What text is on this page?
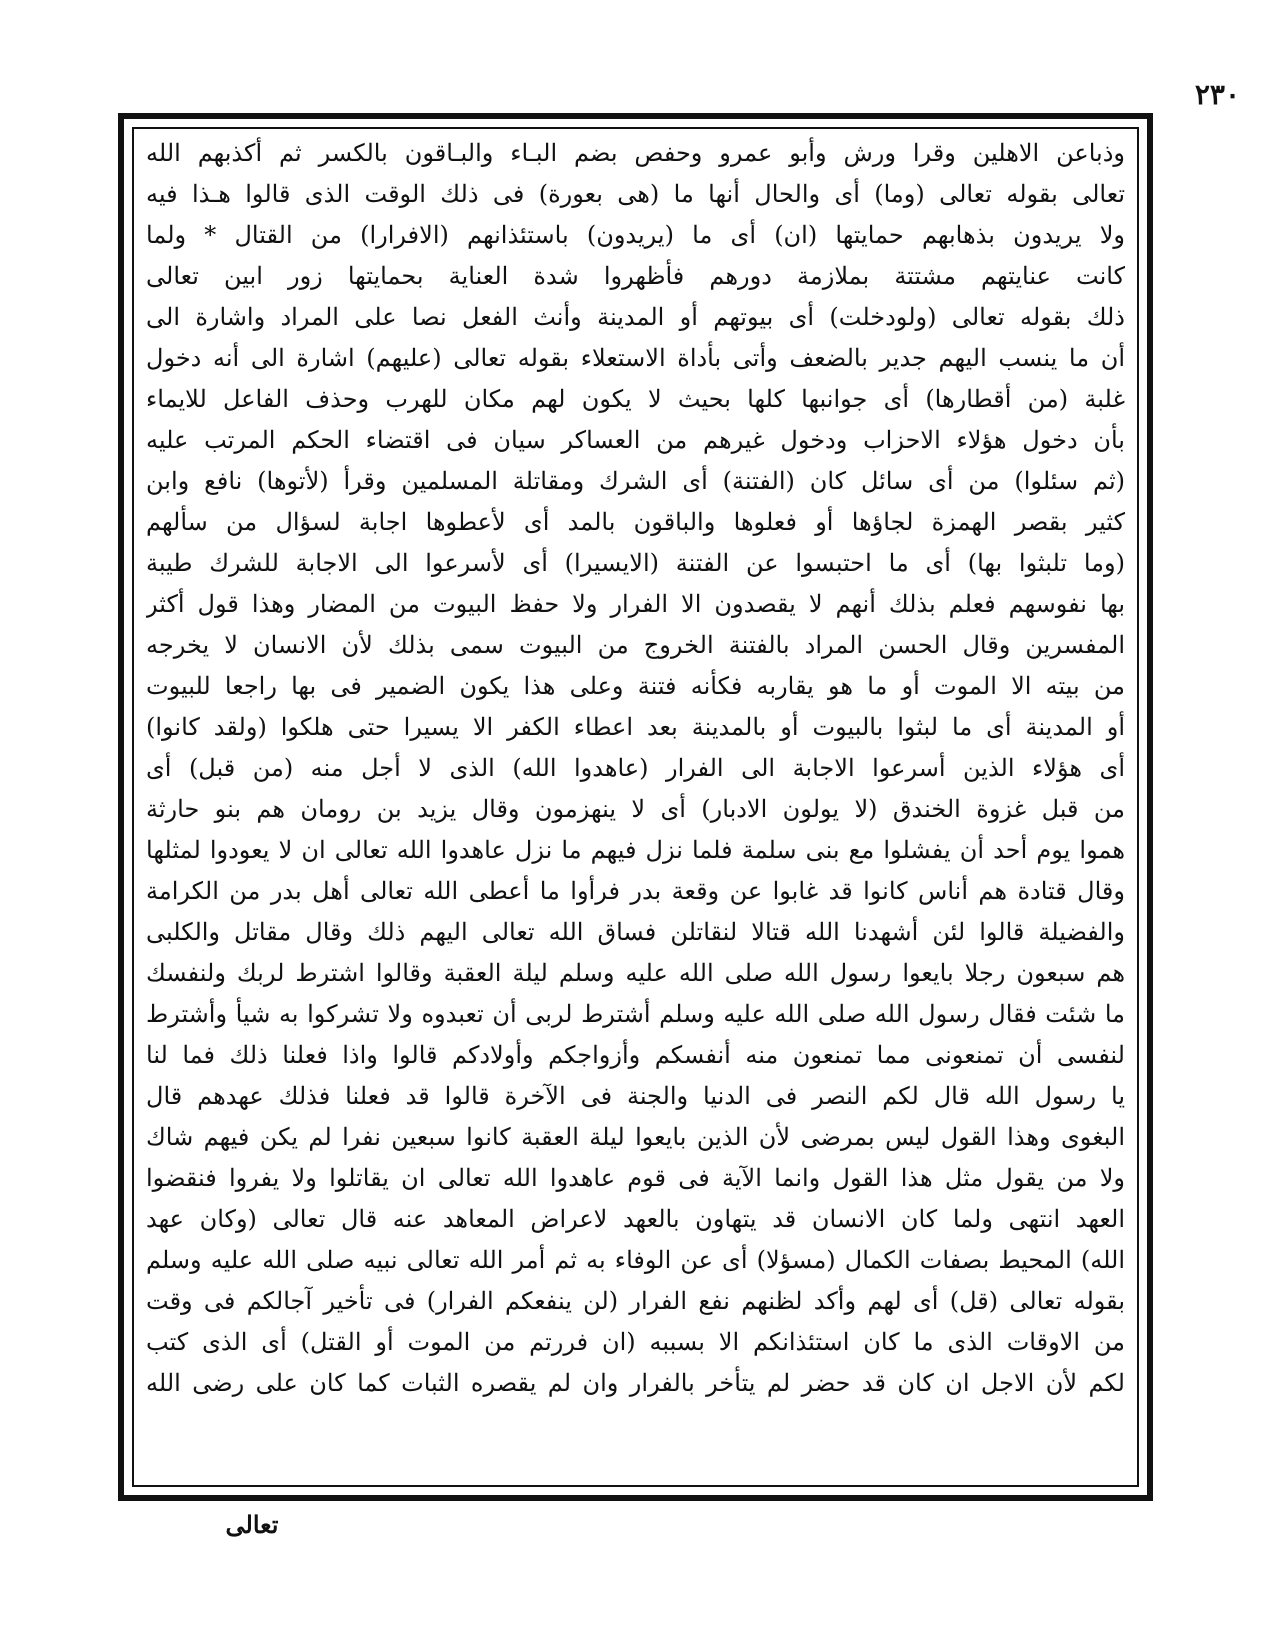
٢٣٠
وذباعن الاهلين وقرا ورش وأبو عمرو وحفص بضم البـاء والبـاقون بالكسر ثم أكذبهم الله
تعالى بقوله تعالى (وما) أى والحال أنها ما (هى بعورة) فى ذلك الوقت الذى قالوا هـذا فيه
ولا يريدون بذهابهم حمايتها (ان) أى ما (يريدون) باستئذانهم (الافرارا) من القتال * ولما
كانت عنايتهم مشتتة بملازمة دورهم فأظهروا شدة العناية بحمايتها زور ابين تعالى
ذلك بقوله تعالى (ولودخلت) أى بيوتهم أو المدينة وأنث الفعل نصا على المراد واشارة الى
أن ما ينسب اليهم جدير بالضعف وأتى بأداة الاستعلاء بقوله تعالى (عليهم) اشارة الى أنه دخول
غلبة (من أقطارها) أى جوانبها كلها بحيث لا يكون لهم مكان للهرب وحذف الفاعل للايماء
بأن دخول هؤلاء الاحزاب ودخول غيرهم من العساكر سيان فى اقتضاء الحكم المرتب عليه
(ثم سئلوا) من أى سائل كان (الفتنة) أى الشرك ومقاتلة المسلمين وقرأ (لأتوها) نافع وابن
كثير بقصر الهمزة لجاؤها أو فعلوها والباقون بالمد أى لأعطوها اجابة لسؤال من سألهم
(وما تلبثوا بها) أى ما احتبسوا عن الفتنة (الايسيرا) أى لأسرعوا الى الاجابة للشرك طيبة
بها نفوسهم فعلم بذلك أنهم لا يقصدون الا الفرار ولا حفظ البيوت من المضار وهذا قول أكثر
المفسرين وقال الحسن المراد بالفتنة الخروج من البيوت سمى بذلك لأن الانسان لا يخرجه
من بيته الا الموت أو ما هو يقاربه فكأنه فتنة وعلى هذا يكون الضمير فى بها راجعا للبيوت
أو المدينة أى ما لبثوا بالبيوت أو بالمدينة بعد اعطاء الكفر الا يسيرا حتى هلكوا (ولقد كانوا)
أى هؤلاء الذين أسرعوا الاجابة الى الفرار (عاهدوا الله) الذى لا أجل منه (من قبل) أى
من قبل غزوة الخندق (لا يولون الادبار) أى لا ينهزمون وقال يزيد بن رومان هم بنو حارثة
هموا يوم أحد أن يفشلوا مع بنى سلمة فلما نزل فيهم ما نزل عاهدوا الله تعالى ان لا يعودوا لمثلها
وقال قتادة هم أناس كانوا قد غابوا عن وقعة بدر فرأوا ما أعطى الله تعالى أهل بدر من الكرامة
والفضيلة قالوا لئن أشهدنا الله قتالا لنقاتلن فساق الله تعالى اليهم ذلك وقال مقاتل والكلبى
هم سبعون رجلا بايعوا رسول الله صلى الله عليه وسلم ليلة العقبة وقالوا اشترط لربك ولنفسك
ما شئت فقال رسول الله صلى الله عليه وسلم أشترط لربى أن تعبدوه ولا تشركوا به شيأ وأشترط
لنفسى أن تمنعونى مما تمنعون منه أنفسكم وأزواجكم وأولادكم قالوا واذا فعلنا ذلك فما لنا
يا رسول الله قال لكم النصر فى الدنيا والجنة فى الآخرة قالوا قد فعلنا فذلك عهدهم قال
البغوى وهذا القول ليس بمرضى لأن الذين بايعوا ليلة العقبة كانوا سبعين نفرا لم يكن فيهم شاك
ولا من يقول مثل هذا القول وانما الآية فى قوم عاهدوا الله تعالى ان يقاتلوا ولا يفروا فنقضوا
العهد انتهى ولما كان الانسان قد يتهاون بالعهد لاعراض المعاهد عنه قال تعالى (وكان عهد
الله) المحيط بصفات الكمال (مسؤلا) أى عن الوفاء به ثم أمر الله تعالى نبيه صلى الله عليه وسلم
بقوله تعالى (قل) أى لهم وأكد لظنهم نفع الفرار (لن ينفعكم الفرار) فى تأخير آجالكم فى وقت
من الاوقات الذى ما كان استئذانكم الا بسببه (ان فررتم من الموت أو القتل) أى الذى كتب
لكم لأن الاجل ان كان قد حضر لم يتأخر بالفرار وان لم يقصره الثبات كما كان على رضى الله
تعالى
